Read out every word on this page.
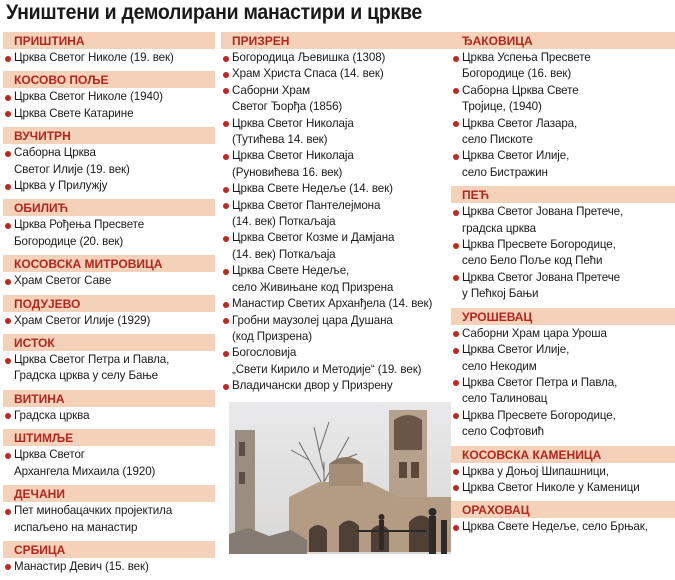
Уништени и демолирани манастири и цркве
ПРИШТИНА
Црква Светог Николе (19. век)
КОСОВО ПОЉЕ
Црква Светог Николе (1940)
Црква Свете Катарине
ВУЧИТРН
Саборна Црква
Светог Илије (19. век)
Црква у Прилужју
ОБИЛИЋ
Црква Рођења Пресвете
Богородице (20. век)
КОСОВСКА МИТРОВИЦА
Храм Светог Саве
ПОДУЈЕВО
Храм Светог Илије (1929)
ИСТОК
Црква Светог Петра и Павла,
Градска црква у селу Бање
ВИТИНА
Градска црква
ШТИМЉЕ
Црква Светог
Архангела Михаила (1920)
ДЕЧАНИ
Пет минобацачких пројектила
испаљено на манастир
СРБИЦА
Манастир Девич (15. век)
ПРИЗРЕН
Богородица Љевишка (1308)
Храм Христа Спаса (14. век)
Саборни Храм
Светог Ђорђа (1856)
Црква Светог Николаја
(Тутићева 14. век)
Црква Светог Николаја
(Руновићева 16. век)
Црква Свете Недеље (14. век)
Црква Светог Пантелејмона
(14. век) Поткаљаја
Црква Светог Козме и Дамјана
(14. век) Поткаљаја
Црква Свете Недеље,
село Живињане код Призрена
Манастир Светих Арханђела (14. век)
Гробни маузолеј цара Душана
(код Призрена)
Богословија
„Свети Кирило и Методије“ (19. век)
Владичански двор у Призрену
ЂАКОВИЦА
Црква Успења Пресвете
Богородице (16. век)
Саборна Црква Свете
Тројице, (1940)
Црква Светог Лазара,
село Пискоте
Црква Светог Илије,
село Бистражин
ПЕЋ
Црква Светог Јована Претече,
градска црква
Црква Пресвете Богородице,
село Бело Поље код Пећи
Црква Светог Јована Претече
у Пећкој Бањи
УРОШЕВАЦ
Саборни Храм цара Уроша
Црква Светог Илије,
село Некодим
Црква Светог Петра и Павла,
село Талиновац
Црква Пресвете Богородице,
село Софтовић
КОСОВСКА КАМЕНИЦА
Црква у Доњој Шипашници,
Црква Светог Николе у Каменици
ОРАХОВАЦ
Црква Свете Недеље, село Брњак,
